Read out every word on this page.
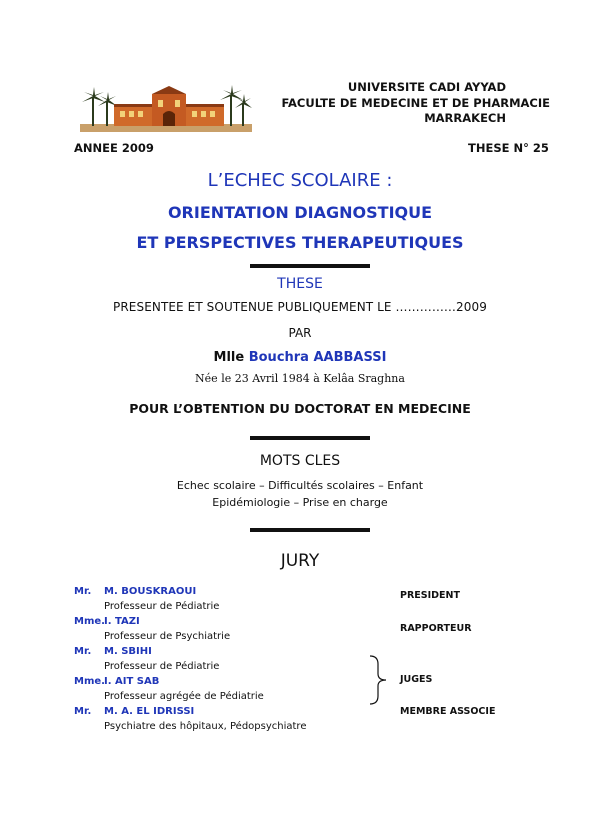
UNIVERSITE CADI AYYAD
FACULTE DE MEDECINE ET DE PHARMACIE
MARRAKECH
ANNEE 2009	THESE N° 25
L’ECHEC SCOLAIRE :
ORIENTATION DIAGNOSTIQUE
ET PERSPECTIVES THERAPEUTIQUES
THESE
PRESENTEE ET SOUTENUE PUBLIQUEMENT LE ……………2009
PAR
Mlle Bouchra AABBASSI
Née le 23 Avril 1984 à Kelâa Sraghna
POUR L’OBTENTION DU DOCTORAT EN MEDECINE
MOTS CLES
Echec scolaire – Difficultés scolaires – Enfant
Epidémiologie – Prise en charge
JURY
Mr. M. BOUSKRAOUI
Professeur de Pédiatrie
Mme.I. TAZI
Professeur de Psychiatrie
Mr. M. SBIHI
Professeur de Pédiatrie
Mme.I. AIT SAB
Professeur agrégée de Pédiatrie
Mr. M. A. EL IDRISSI
Psychiatre des hôpitaux, Pédopsychiatre
PRESIDENT
RAPPORTEUR
JUGES
MEMBRE ASSOCIE
